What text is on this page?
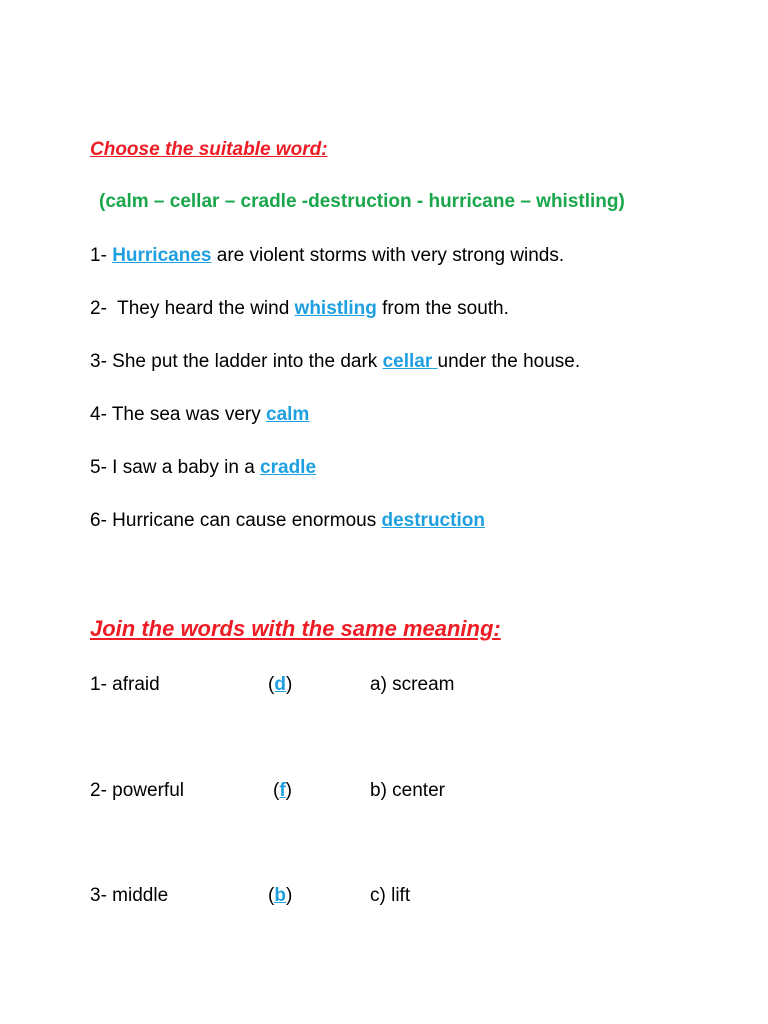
Choose the suitable word:
(calm – cellar – cradle -destruction - hurricane – whistling)
1- Hurricanes are violent storms with very strong winds.
2-  They heard the wind whistling from the south.
3- She put the ladder into the dark cellar under the house.
4- The sea was very calm
5- I saw a baby in a cradle
6- Hurricane can cause enormous destruction
Join the words with the same meaning:
1- afraid	(d)	a) scream
2- powerful	(f)	b) center
3- middle	(b)	c) lift
